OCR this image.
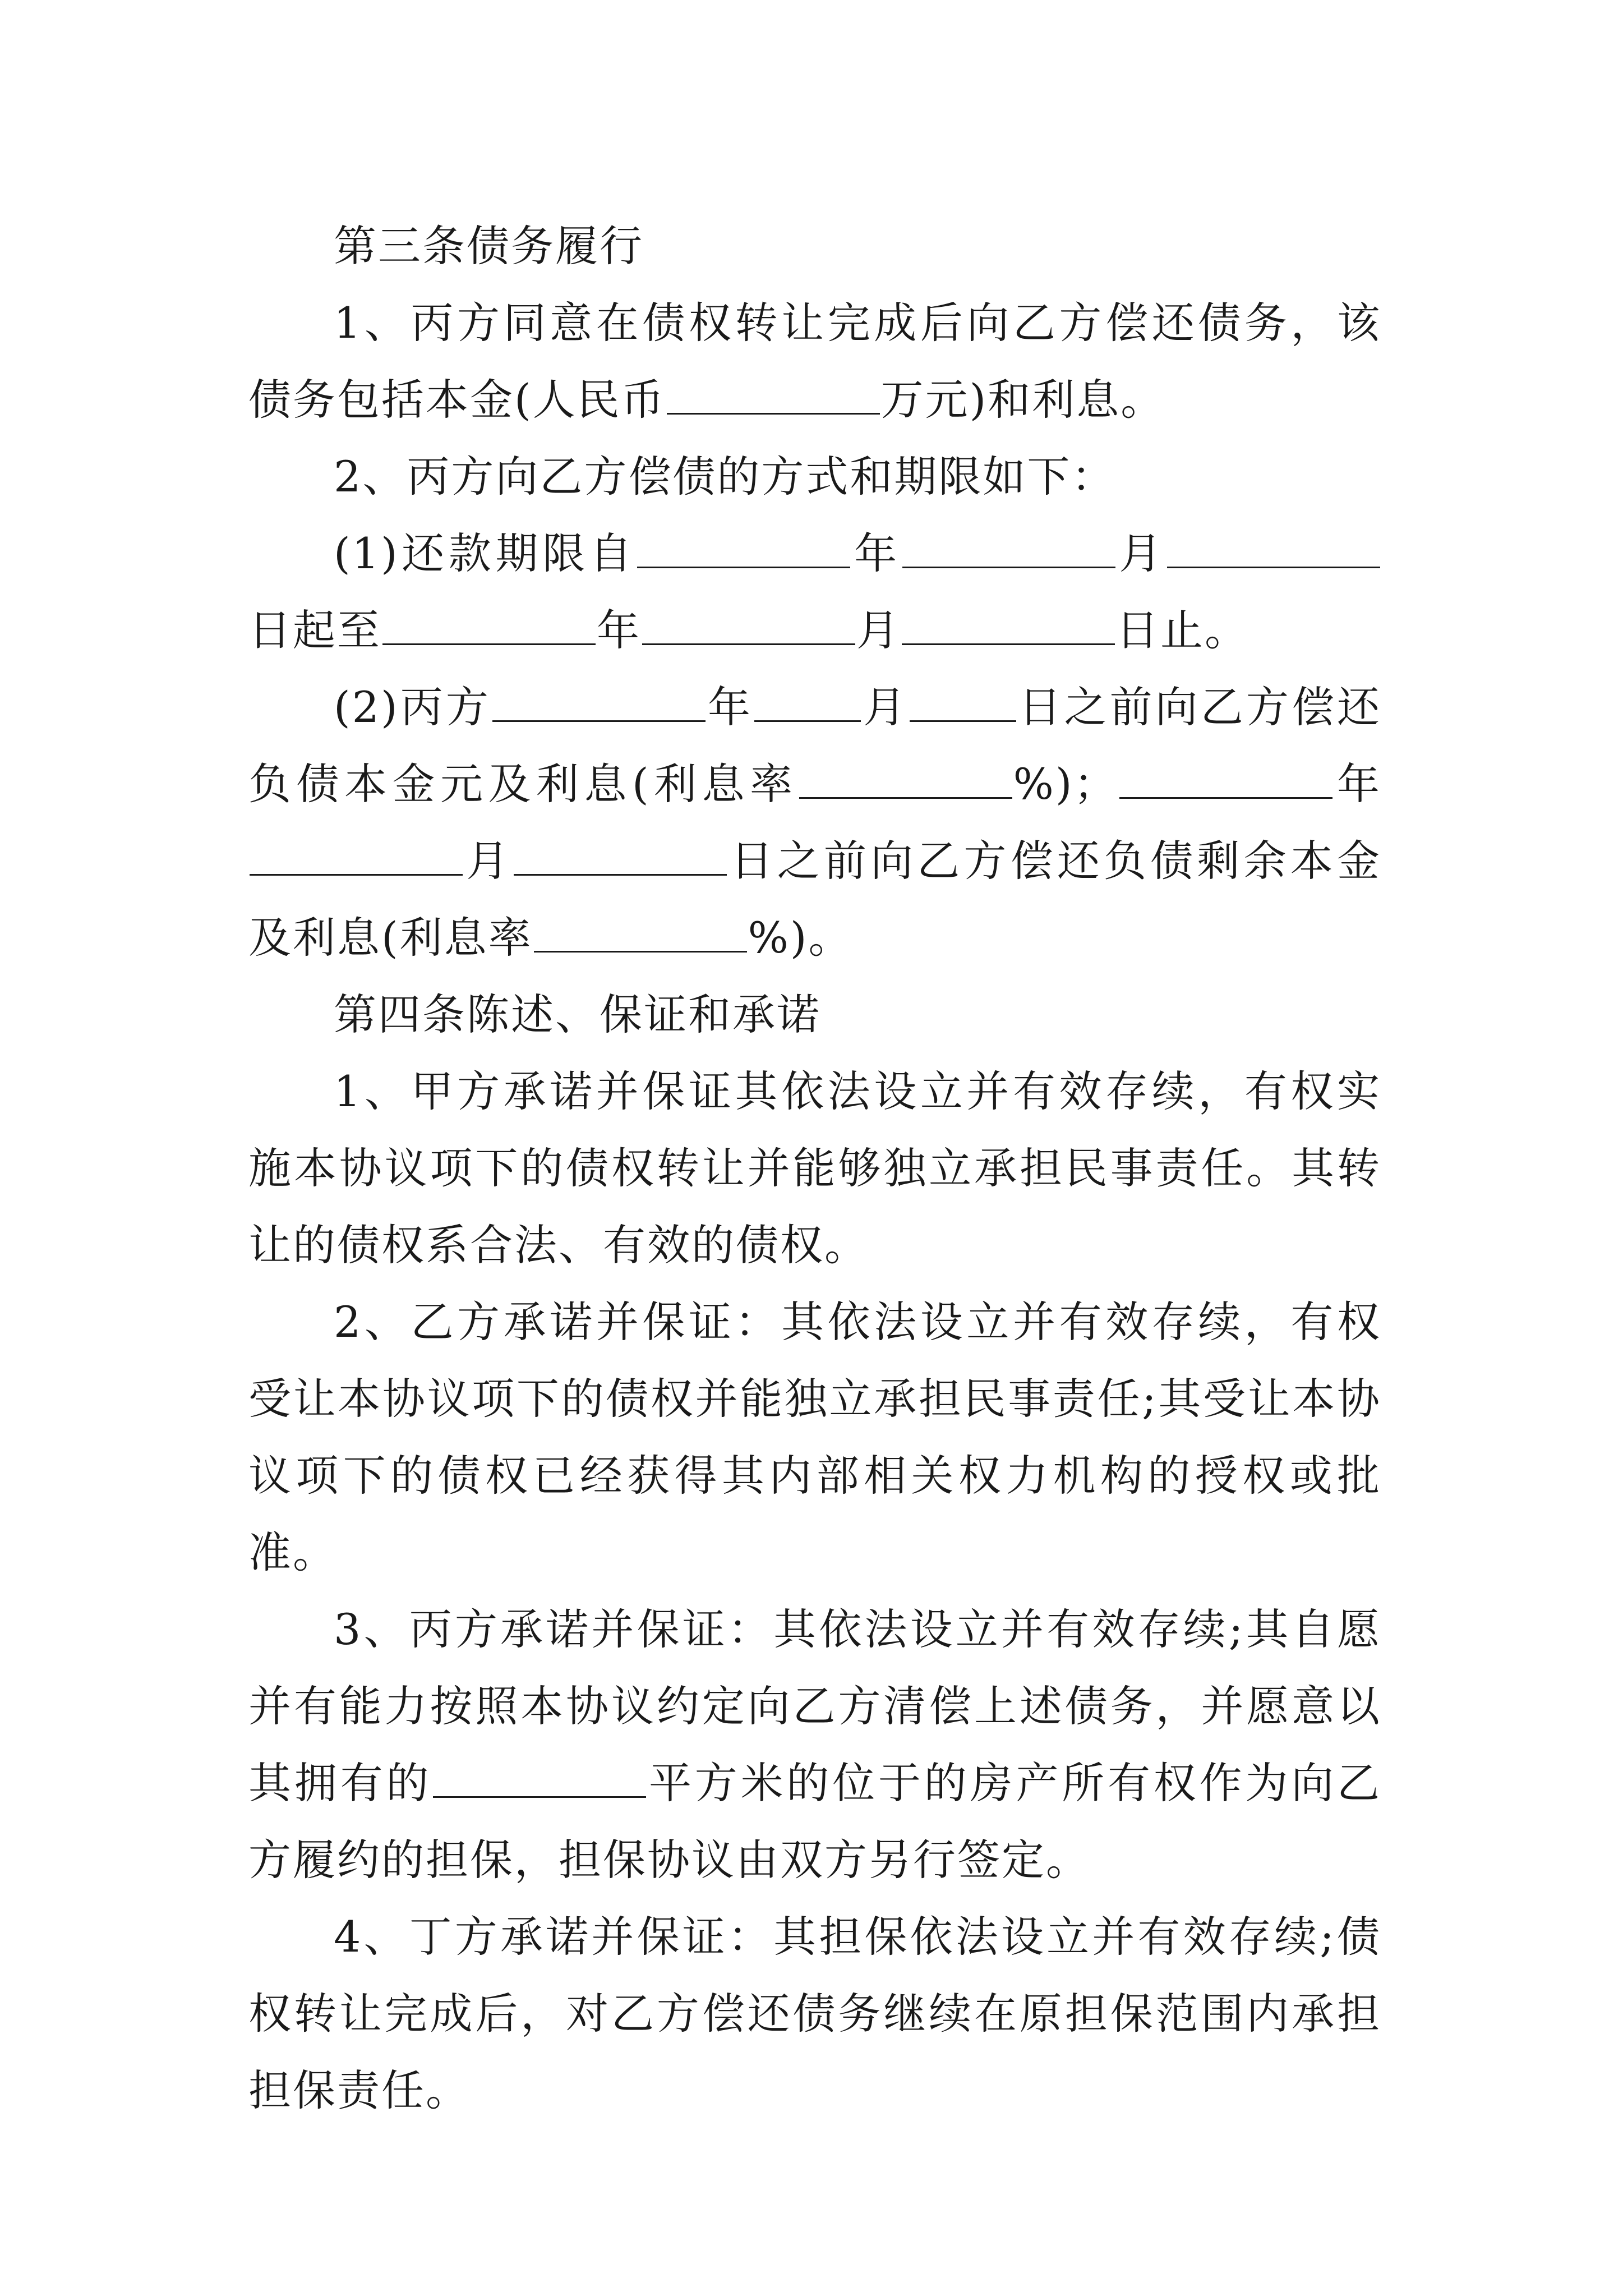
第三条债务履行

1、丙方同意在债权转让完成后向乙方偿还债务，该债务包括本金(人民币	万元)和利息。

2、丙方向乙方偿债的方式和期限如下：

(1)还款期限自	年	月日起至	年	月	日止。

(2)丙方	年	月	日之前向乙方偿还负债本金元及利息(利息率	%)；	年月	日之前向乙方偿还负债剩余本金及利息(利息率	%)。

第四条陈述、保证和承诺

1、甲方承诺并保证其依法设立并有效存续，有权实施本协议项下的债权转让并能够独立承担民事责任。其转让的债权系合法、有效的债权。

2、乙方承诺并保证：其依法设立并有效存续，有权受让本协议项下的债权并能独立承担民事责任;其受让本协议项下的债权已经获得其内部相关权力机构的授权或批准。

3、丙方承诺并保证：其依法设立并有效存续;其自愿并有能力按照本协议约定向乙方清偿上述债务，并愿意以其拥有的	平方米的位于的房产所有权作为向乙方履约的担保，担保协议由双方另行签定。

4、丁方承诺并保证：其担保依法设立并有效存续;债权转让完成后，对乙方偿还债务继续在原担保范围内承担担保责任。
